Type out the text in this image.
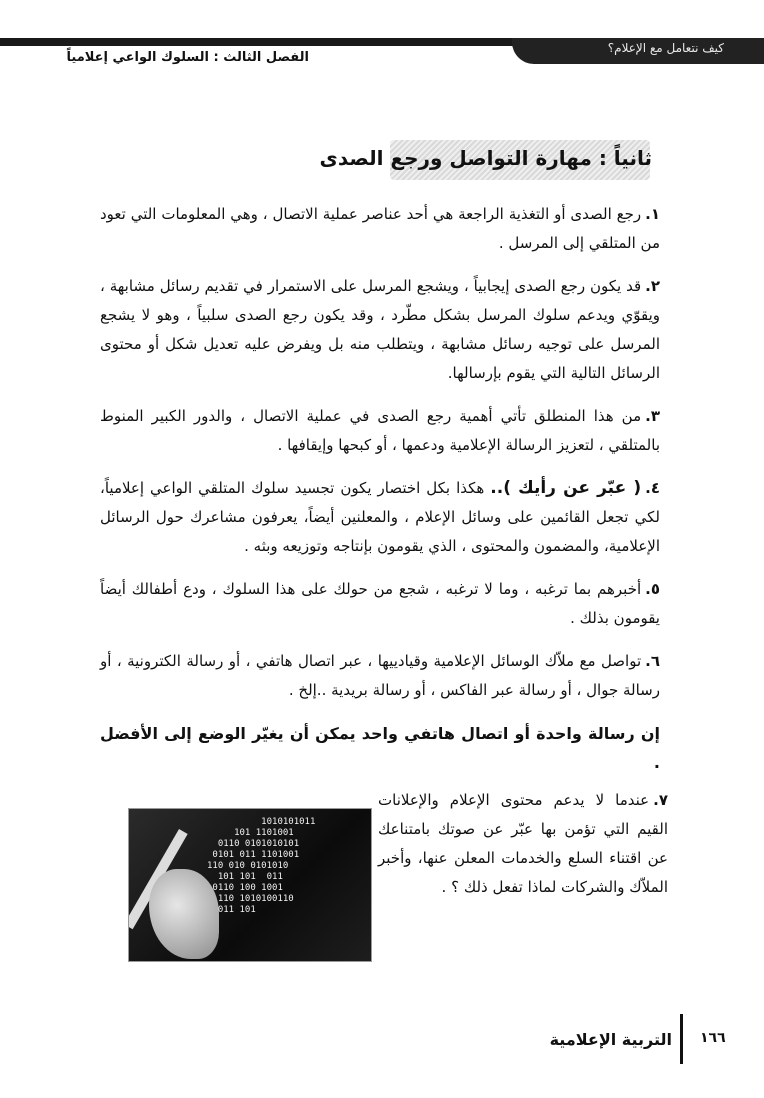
كيف نتعامل مع الإعلام؟
الفصل الثالث : السلوك الواعي إعلامياً
ثانياً : مهارة التواصل ورجع الصدى
١.رجع الصدى أو التغذية الراجعة هي أحد عناصر عملية الاتصال ، وهي المعلومات التي تعود من المتلقي إلى المرسل .
٢.قد يكون رجع الصدى إيجابياً ، ويشجع المرسل على الاستمرار في تقديم رسائل مشابهة ، ويقوّي ويدعم سلوك المرسل بشكل مطّرد ، وقد يكون رجع الصدى سلبياً ، وهو لا يشجع المرسل على توجيه رسائل مشابهة ، ويتطلب منه بل ويفرض عليه تعديل شكل أو محتوى الرسائل التالية التي يقوم بإرسالها.
٣.من هذا المنطلق تأتي أهمية رجع الصدى في عملية الاتصال ، والدور الكبير المنوط بالمتلقي ، لتعزيز الرسالة الإعلامية ودعمها ، أو كبحها وإيقافها .
٤.( عبّر عن رأيك ).. هكذا بكل اختصار يكون تجسيد سلوك المتلقي الواعي إعلامياً، لكي تجعل القائمين على وسائل الإعلام ، والمعلنين أيضاً، يعرفون مشاعرك حول الرسائل الإعلامية، والمضمون والمحتوى ، الذي يقومون بإنتاجه وتوزيعه وبثه .
٥.أخبرهم بما ترغبه ، وما لا ترغبه ، شجع من حولك على هذا السلوك ، ودع أطفالك أيضاً يقومون بذلك .
٦.تواصل مع ملاّك الوسائل الإعلامية وقيادييها ، عبر اتصال هاتفي ، أو رسالة الكترونية ، أو رسالة جوال ، أو رسالة عبر الفاكس ، أو رسالة بريدية ..إلخ .
إن رسالة واحدة أو اتصال هاتفي واحد يمكن أن يغيّر الوضع إلى الأفضل .
1010101011
101 1101001
0110 0101010101
0101 011 1101001
110 010 0101010
101 101  011
0110 100 1001
110 1010100110
011 101
٧.عندما لا يدعم محتوى الإعلام والإعلانات القيم التي تؤمن بها عبّر عن صوتك بامتناعك عن اقتناء السلع والخدمات المعلن عنها، وأخبر الملاّك والشركات لماذا تفعل ذلك ؟ .
التربية الإعلامية ١٦٦
